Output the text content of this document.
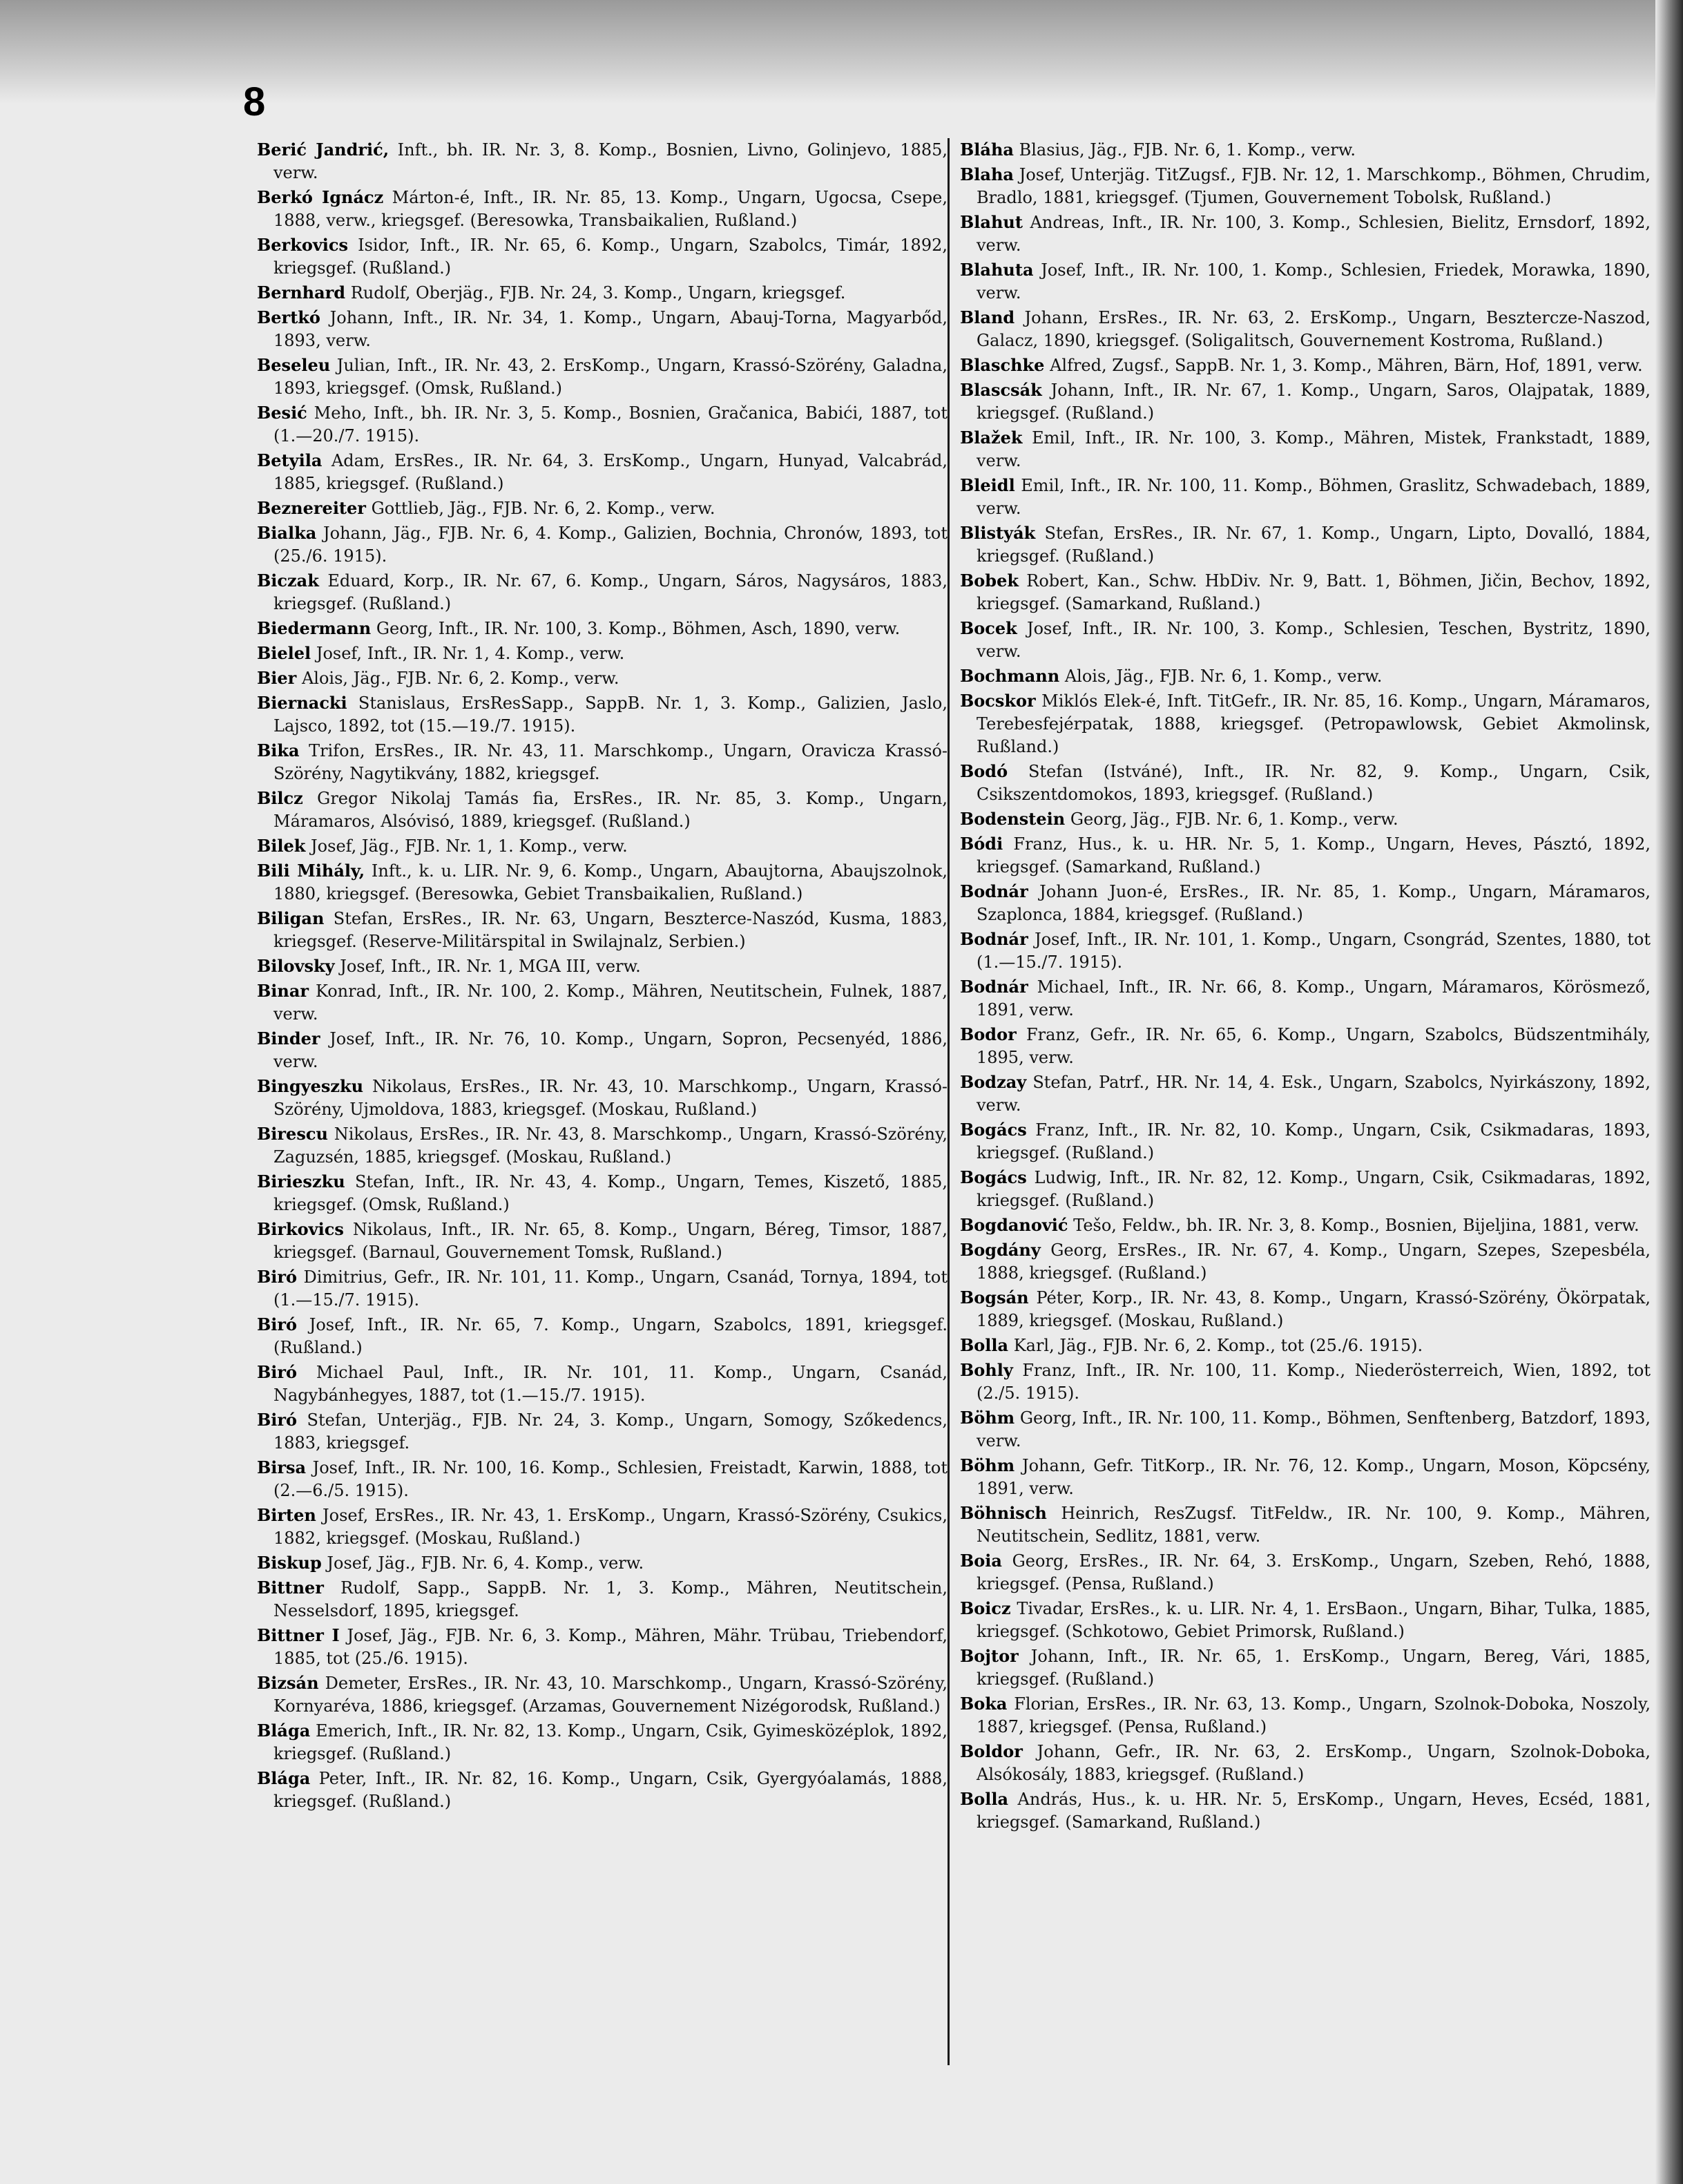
8

Berić Jandrić, Inft., bh. IR. Nr. 3, 8. Komp., Bosnien, Livno, Golinjevo, 1885, verw.

Berkó Ignácz Márton-é, Inft., IR. Nr. 85, 13. Komp., Ungarn, Ugocsa, Csepe, 1888, verw., kriegsgef. (Beresowka, Transbaikalien, Rußland.)

Berkovics Isidor, Inft., IR. Nr. 65, 6. Komp., Ungarn, Szabolcs, Timár, 1892, kriegsgef. (Rußland.)

Bernhard Rudolf, Oberjäg., FJB. Nr. 24, 3. Komp., Ungarn, kriegsgef.

Bertkó Johann, Inft., IR. Nr. 34, 1. Komp., Ungarn, Abauj-Torna, Magyarbőd, 1893, verw.

Beseleu Julian, Inft., IR. Nr. 43, 2. ErsKomp., Ungarn, Krassó-Szörény, Galadna, 1893, kriegsgef. (Omsk, Rußland.)

Besić Meho, Inft., bh. IR. Nr. 3, 5. Komp., Bosnien, Gračanica, Babići, 1887, tot (1.—20./7. 1915).

Betyila Adam, ErsRes., IR. Nr. 64, 3. ErsKomp., Ungarn, Hunyad, Valcabrád, 1885, kriegsgef. (Rußland.)

Beznereiter Gottlieb, Jäg., FJB. Nr. 6, 2. Komp., verw.

Bialka Johann, Jäg., FJB. Nr. 6, 4. Komp., Galizien, Bochnia, Chronów, 1893, tot (25./6. 1915).

Biczak Eduard, Korp., IR. Nr. 67, 6. Komp., Ungarn, Sáros, Nagysáros, 1883, kriegsgef. (Rußland.)

Biedermann Georg, Inft., IR. Nr. 100, 3. Komp., Böhmen, Asch, 1890, verw.

Bielel Josef, Inft., IR. Nr. 1, 4. Komp., verw.

Bier Alois, Jäg., FJB. Nr. 6, 2. Komp., verw.

Biernacki Stanislaus, ErsResSapp., SappB. Nr. 1, 3. Komp., Galizien, Jaslo, Lajsco, 1892, tot (15.—19./7. 1915).

Bika Trifon, ErsRes., IR. Nr. 43, 11. Marschkomp., Ungarn, Oravicza Krassó-Szörény, Nagytikvány, 1882, kriegsgef.

Bilcz Gregor Nikolaj Tamás fia, ErsRes., IR. Nr. 85, 3. Komp., Ungarn, Máramaros, Alsóvisó, 1889, kriegsgef. (Rußland.)

Bilek Josef, Jäg., FJB. Nr. 1, 1. Komp., verw.

Bili Mihály, Inft., k. u. LIR. Nr. 9, 6. Komp., Ungarn, Abaujtorna, Abaujszolnok, 1880, kriegsgef. (Beresowka, Gebiet Transbaikalien, Rußland.)

Biligan Stefan, ErsRes., IR. Nr. 63, Ungarn, Beszterce-Naszód, Kusma, 1883, kriegsgef. (Reserve-Militärspital in Swilajnalz, Serbien.)

Bilovsky Josef, Inft., IR. Nr. 1, MGA III, verw.

Binar Konrad, Inft., IR. Nr. 100, 2. Komp., Mähren, Neutitschein, Fulnek, 1887, verw.

Binder Josef, Inft., IR. Nr. 76, 10. Komp., Ungarn, Sopron, Pecsenyéd, 1886, verw.

Bingyeszku Nikolaus, ErsRes., IR. Nr. 43, 10. Marschkomp., Ungarn, Krassó-Szörény, Ujmoldova, 1883, kriegsgef. (Moskau, Rußland.)

Birescu Nikolaus, ErsRes., IR. Nr. 43, 8. Marschkomp., Ungarn, Krassó-Szörény, Zaguzsén, 1885, kriegsgef. (Moskau, Rußland.)

Birieszku Stefan, Inft., IR. Nr. 43, 4. Komp., Ungarn, Temes, Kiszető, 1885, kriegsgef. (Omsk, Rußland.)

Birkovics Nikolaus, Inft., IR. Nr. 65, 8. Komp., Ungarn, Béreg, Timsor, 1887, kriegsgef. (Barnaul, Gouvernement Tomsk, Rußland.)

Biró Dimitrius, Gefr., IR. Nr. 101, 11. Komp., Ungarn, Csanád, Tornya, 1894, tot (1.—15./7. 1915).

Biró Josef, Inft., IR. Nr. 65, 7. Komp., Ungarn, Szabolcs, 1891, kriegsgef. (Rußland.)

Biró Michael Paul, Inft., IR. Nr. 101, 11. Komp., Ungarn, Csanád, Nagybánhegyes, 1887, tot (1.—15./7. 1915).

Biró Stefan, Unterjäg., FJB. Nr. 24, 3. Komp., Ungarn, Somogy, Szőkedencs, 1883, kriegsgef.

Birsa Josef, Inft., IR. Nr. 100, 16. Komp., Schlesien, Freistadt, Karwin, 1888, tot (2.—6./5. 1915).

Birten Josef, ErsRes., IR. Nr. 43, 1. ErsKomp., Ungarn, Krassó-Szörény, Csukics, 1882, kriegsgef. (Moskau, Rußland.)

Biskup Josef, Jäg., FJB. Nr. 6, 4. Komp., verw.

Bittner Rudolf, Sapp., SappB. Nr. 1, 3. Komp., Mähren, Neutitschein, Nesselsdorf, 1895, kriegsgef.

Bittner I Josef, Jäg., FJB. Nr. 6, 3. Komp., Mähren, Mähr. Trübau, Triebendorf, 1885, tot (25./6. 1915).

Bizsán Demeter, ErsRes., IR. Nr. 43, 10. Marschkomp., Ungarn, Krassó-Szörény, Kornyaréva, 1886, kriegsgef. (Arzamas, Gouvernement Nizégorodsk, Rußland.)

Blága Emerich, Inft., IR. Nr. 82, 13. Komp., Ungarn, Csik, Gyimesközéplok, 1892, kriegsgef. (Rußland.)

Blága Peter, Inft., IR. Nr. 82, 16. Komp., Ungarn, Csik, Gyergyóalamás, 1888, kriegsgef. (Rußland.)

Bláha Blasius, Jäg., FJB. Nr. 6, 1. Komp., verw.

Blaha Josef, Unterjäg. TitZugsf., FJB. Nr. 12, 1. Marschkomp., Böhmen, Chrudim, Bradlo, 1881, kriegsgef. (Tjumen, Gouvernement Tobolsk, Rußland.)

Blahut Andreas, Inft., IR. Nr. 100, 3. Komp., Schlesien, Bielitz, Ernsdorf, 1892, verw.

Blahuta Josef, Inft., IR. Nr. 100, 1. Komp., Schlesien, Friedek, Morawka, 1890, verw.

Bland Johann, ErsRes., IR. Nr. 63, 2. ErsKomp., Ungarn, Besztercze-Naszod, Galacz, 1890, kriegsgef. (Soligalitsch, Gouvernement Kostroma, Rußland.)

Blaschke Alfred, Zugsf., SappB. Nr. 1, 3. Komp., Mähren, Bärn, Hof, 1891, verw.

Blascsák Johann, Inft., IR. Nr. 67, 1. Komp., Ungarn, Saros, Olajpatak, 1889, kriegsgef. (Rußland.)

Blažek Emil, Inft., IR. Nr. 100, 3. Komp., Mähren, Mistek, Frankstadt, 1889, verw.

Bleidl Emil, Inft., IR. Nr. 100, 11. Komp., Böhmen, Graslitz, Schwadebach, 1889, verw.

Blistyák Stefan, ErsRes., IR. Nr. 67, 1. Komp., Ungarn, Lipto, Dovalló, 1884, kriegsgef. (Rußland.)

Bobek Robert, Kan., Schw. HbDiv. Nr. 9, Batt. 1, Böhmen, Jičin, Bechov, 1892, kriegsgef. (Samarkand, Rußland.)

Bocek Josef, Inft., IR. Nr. 100, 3. Komp., Schlesien, Teschen, Bystritz, 1890, verw.

Bochmann Alois, Jäg., FJB. Nr. 6, 1. Komp., verw.

Bocskor Miklós Elek-é, Inft. TitGefr., IR. Nr. 85, 16. Komp., Ungarn, Máramaros, Terebesfejérpatak, 1888, kriegsgef. (Petropawlowsk, Gebiet Akmolinsk, Rußland.)

Bodó Stefan (Istváné), Inft., IR. Nr. 82, 9. Komp., Ungarn, Csik, Csikszentdomokos, 1893, kriegsgef. (Rußland.)

Bodenstein Georg, Jäg., FJB. Nr. 6, 1. Komp., verw.

Bódi Franz, Hus., k. u. HR. Nr. 5, 1. Komp., Ungarn, Heves, Pásztó, 1892, kriegsgef. (Samarkand, Rußland.)

Bodnár Johann Juon-é, ErsRes., IR. Nr. 85, 1. Komp., Ungarn, Máramaros, Szaplonca, 1884, kriegsgef. (Rußland.)

Bodnár Josef, Inft., IR. Nr. 101, 1. Komp., Ungarn, Csongrád, Szentes, 1880, tot (1.—15./7. 1915).

Bodnár Michael, Inft., IR. Nr. 66, 8. Komp., Ungarn, Máramaros, Körösmező, 1891, verw.

Bodor Franz, Gefr., IR. Nr. 65, 6. Komp., Ungarn, Szabolcs, Büdszentmihály, 1895, verw.

Bodzay Stefan, Patrf., HR. Nr. 14, 4. Esk., Ungarn, Szabolcs, Nyirkászony, 1892, verw.

Bogács Franz, Inft., IR. Nr. 82, 10. Komp., Ungarn, Csik, Csikmadaras, 1893, kriegsgef. (Rußland.)

Bogács Ludwig, Inft., IR. Nr. 82, 12. Komp., Ungarn, Csik, Csikmadaras, 1892, kriegsgef. (Rußland.)

Bogdanović Tešo, Feldw., bh. IR. Nr. 3, 8. Komp., Bosnien, Bijeljina, 1881, verw.

Bogdány Georg, ErsRes., IR. Nr. 67, 4. Komp., Ungarn, Szepes, Szepesbéla, 1888, kriegsgef. (Rußland.)

Bogsán Péter, Korp., IR. Nr. 43, 8. Komp., Ungarn, Krassó-Szörény, Ökörpatak, 1889, kriegsgef. (Moskau, Rußland.)

Bolla Karl, Jäg., FJB. Nr. 6, 2. Komp., tot (25./6. 1915).

Bohly Franz, Inft., IR. Nr. 100, 11. Komp., Niederösterreich, Wien, 1892, tot (2./5. 1915).

Böhm Georg, Inft., IR. Nr. 100, 11. Komp., Böhmen, Senftenberg, Batzdorf, 1893, verw.

Böhm Johann, Gefr. TitKorp., IR. Nr. 76, 12. Komp., Ungarn, Moson, Köpcsény, 1891, verw.

Böhnisch Heinrich, ResZugsf. TitFeldw., IR. Nr. 100, 9. Komp., Mähren, Neutitschein, Sedlitz, 1881, verw.

Boia Georg, ErsRes., IR. Nr. 64, 3. ErsKomp., Ungarn, Szeben, Rehó, 1888, kriegsgef. (Pensa, Rußland.)

Boicz Tivadar, ErsRes., k. u. LIR. Nr. 4, 1. ErsBaon., Ungarn, Bihar, Tulka, 1885, kriegsgef. (Schkotowo, Gebiet Primorsk, Rußland.)

Bojtor Johann, Inft., IR. Nr. 65, 1. ErsKomp., Ungarn, Bereg, Vári, 1885, kriegsgef. (Rußland.)

Boka Florian, ErsRes., IR. Nr. 63, 13. Komp., Ungarn, Szolnok-Doboka, Noszoly, 1887, kriegsgef. (Pensa, Rußland.)

Boldor Johann, Gefr., IR. Nr. 63, 2. ErsKomp., Ungarn, Szolnok-Doboka, Alsókosály, 1883, kriegsgef. (Rußland.)

Bolla András, Hus., k. u. HR. Nr. 5, ErsKomp., Ungarn, Heves, Ecséd, 1881, kriegsgef. (Samarkand, Rußland.)
